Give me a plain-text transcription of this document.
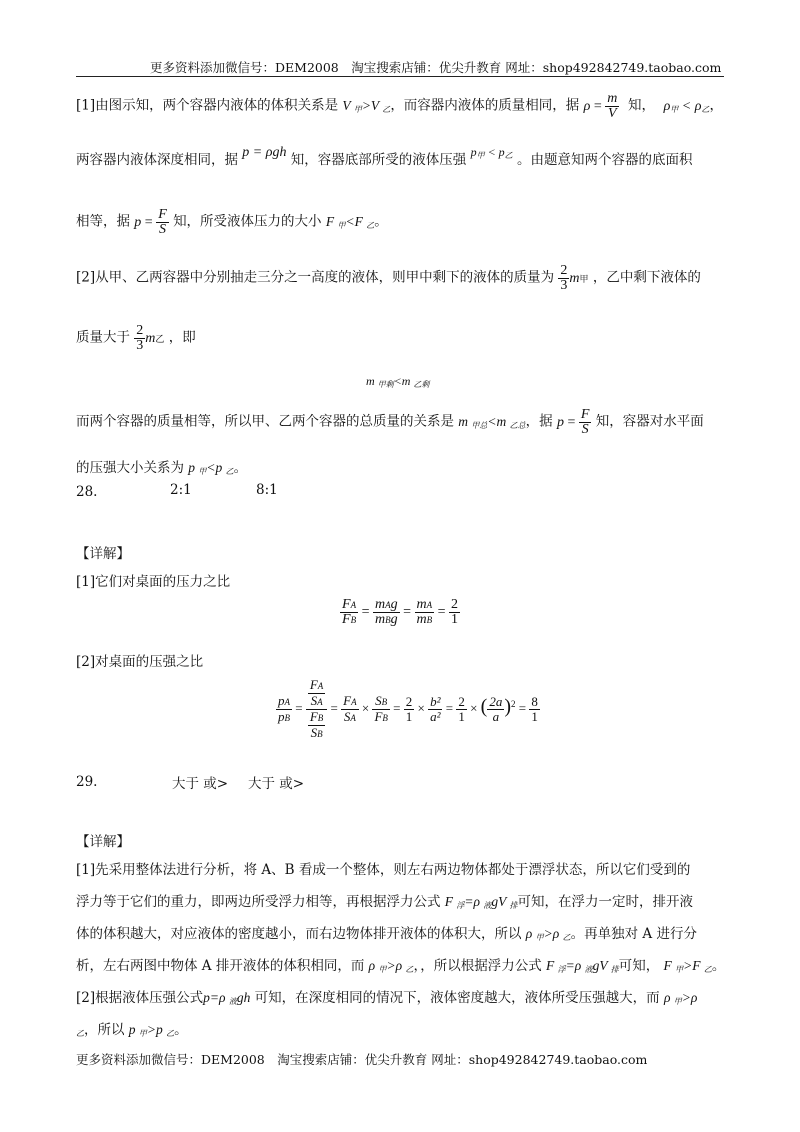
更多资料添加微信号：DEM2008　淘宝搜索店铺：优尖升教育 网址：shop492842749.taobao.com
[1]由图示知，两个容器内液体的体积关系是 V 甲>V 乙，而容器内液体的质量相同，据 $\rho = \frac{m}{V}$ 知， ρ甲 < ρ乙，
两容器内液体深度相同，据 p = ρgh 知，容器底部所受的液体压强 p甲 < p乙 。由题意知两个容器的底面积
相等，据 $p = \frac{F}{S}$ 知，所受液体压力的大小 F 甲<F 乙。
[2]从甲、乙两容器中分别抽走三分之一高度的液体，则甲中剩下的液体的质量为 $\frac{2}{3}$ m甲 ，乙中剩下液体的
质量大于 $\frac{2}{3}$ m乙 ，即
m 甲剩<m 乙剩
而两个容器的质量相等，所以甲、乙两个容器的总质量的关系是 m 甲总<m 乙总，据 $p = \frac{F}{S}$ 知，容器对水平面
的压强大小关系为 p 甲<p 乙。
28.	2:1	8:1
【详解】
[1]它们对桌面的压力之比
$\frac{FA}{FB} = \frac{\text{mAg}}{\text{mBg}} = \frac{mA}{mB} = \frac{2}{1}$
[2]对桌面的压强之比
$\frac{pA}{pB} = \frac{\frac{FA}{SA}}{\frac{FB}{SB}} = \frac{FA}{SA} \times \frac{SB}{FB} = \frac{2}{1} \times \frac{\text{b²}}{\text{a²}} = \frac{2}{1}$ × ( $\frac{2a}{a} )^2 = \frac{8}{1}$
29.	大于 或> 大于 或>
【详解】
[1]先采用整体法进行分析，将 A、B 看成一个整体，则左右两边物体都处于漂浮状态，所以它们受到的
浮力等于它们的重力，即两边所受浮力相等，再根据浮力公式 F 浮=ρ 液gV 排可知，在浮力一定时，排开液
体的体积越大，对应液体的密度越小，而右边物体排开液体的体积大，所以 ρ 甲>ρ 乙。再单独对 A 进行分
析，左右两图中物体 A 排开液体的体积相同，而 ρ 甲>ρ 乙，，所以根据浮力公式 F 浮=ρ 液gV 排可知， F 甲>F 乙。
[2]根据液体压强公式p=ρ 液gh 可知，在深度相同的情况下，液体密度越大，液体所受压强越大，而 ρ 甲>ρ
乙，所以 p 甲>p 乙。
更多资料添加微信号：DEM2008　淘宝搜索店铺：优尖升教育 网址：shop492842749.taobao.com
